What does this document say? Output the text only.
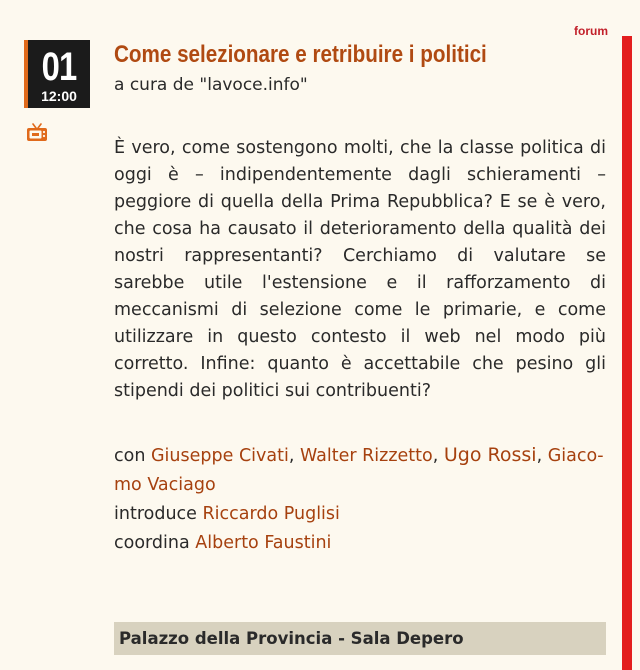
forum
01
12:00
Come selezionare e retribuire i politici

a cura de "lavoce.info"

È vero, come sostengono molti, che la classe politica di oggi è – indipendentemente dagli schieramenti – peggiore di quella della Prima Repubblica? E se è vero, che cosa ha causato il deterioramento della qualità dei nostri rappresentanti? Cerchiamo di valutare se sarebbe utile l'estensione e il rafforzamento di meccanismi di selezione come le primarie, e come utilizzare in questo contesto il web nel modo più corretto. Infine: quanto è accettabile che pesino gli stipendi dei politici sui contribuenti?

con Giuseppe Civati, Walter Rizzetto, Ugo Rossi, Giacomo Vaciago
introduce Riccardo Puglisi
coordina Alberto Faustini
Palazzo della Provincia - Sala Depero
